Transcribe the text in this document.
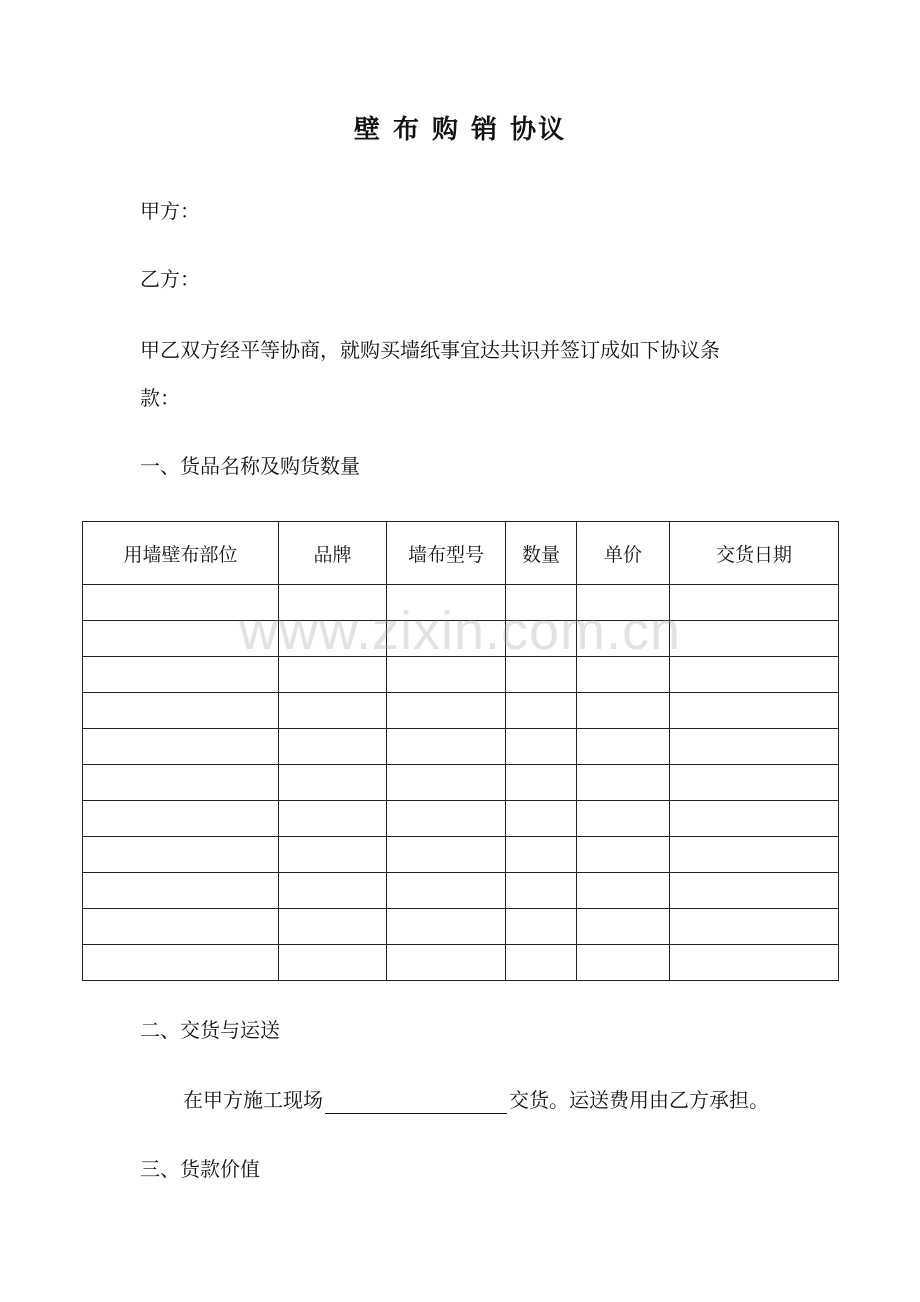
壁 布 购 销 协议
甲方：
乙方：
甲乙双方经平等协商，就购买墙纸事宜达共识并签订成如下协议条
款：
一、货品名称及购货数量
用墙壁布部位	品牌	墙布型号	数量	单价	交货日期

www.zixin.com.cn
二、交货与运送
在甲方施工现场	交货。运送费用由乙方承担。
三、货款价值
